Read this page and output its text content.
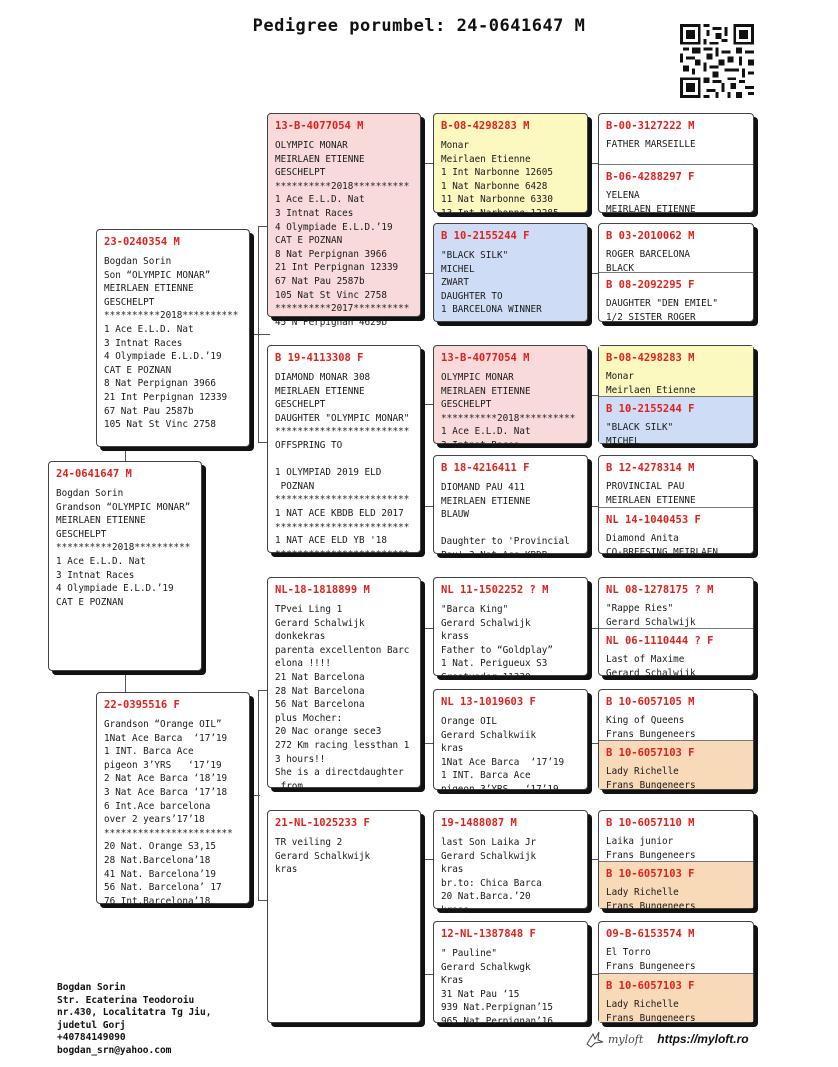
Pedigree porumbel: 24-0641647 M
24-0641647 M
Bogdan Sorin
Grandson “OLYMPIC MONAR”
MEIRLAEN ETIENNE
GESCHELPT
**********2018**********
1 Ace E.L.D. Nat
3 Intnat Races
4 Olympiade E.L.D.’19
CAT E POZNAN
23-0240354 M
Bogdan Sorin
Son “OLYMPIC MONAR”
MEIRLAEN ETIENNE
GESCHELPT
**********2018**********
1 Ace E.L.D. Nat
3 Intnat Races
4 Olympiade E.L.D.’19
CAT E POZNAN
8 Nat Perpignan 3966
21 Int Perpignan 12339
67 Nat Pau 2587b
105 Nat St Vinc 2758
22-0395516 F
Grandson “Orange OIL”
1Nat Ace Barca  ‘17’19
1 INT. Barca Ace
pigeon 3’YRS   ‘17’19
2 Nat Ace Barca ‘18’19
3 Nat Ace Barca ‘17’18
6 Int.Ace barcelona
over 2 years’17’18
***********************
20 Nat. Orange S3,15
28 Nat.Barcelona’18
41 Nat. Barcelona’19
56 Nat. Barcelona’ 17
76 Int.Barcelona’18
13-B-4077054 M
OLYMPIC MONAR
MEIRLAEN ETIENNE
GESCHELPT
**********2018**********
1 Ace E.L.D. Nat
3 Intnat Races
4 Olympiade E.L.D.’19
CAT E POZNAN
8 Nat Perpignan 3966
21 Int Perpignan 12339
67 Nat Pau 2587b
105 Nat St Vinc 2758
**********2017**********
45 N Perpignan 4629b
B 19-4113308 F
DIAMOND MONAR 308
MEIRLAEN ETIENNE
GESCHELPT
DAUGHTER "OLYMPIC MONAR"
************************
OFFSPRING TO

1 OLYMPIAD 2019 ELD
POZNAN
************************
1 NAT ACE KBDB ELD 2017
************************
1 NAT ACE ELD YB '18
************************
NL-18-1818899 M
TPvei Ling 1
Gerard Schalwijk
donkekras
parenta excellenton Barc
elona !!!!
21 Nat Barcelona
28 Nat Barcelona
56 Nat Barcelona
plus Mocher:
20 Nac orange sece3
272 Km racing lessthan 1
3 hours!!
She is a directdaughter
from
21-NL-1025233 F
TR veiling 2
Gerard Schalkwijk
kras
B-08-4298283 M
Monar
Meirlaen Etienne
1 Int Narbonne 12605
1 Nat Narbonne 6428
11 Nat Narbonne 6330
13 Int Narbonne 12285
B 10-2155244 F
"BLACK SILK"
MICHEL
ZWART
DAUGHTER TO
1 BARCELONA WINNER
13-B-4077054 M
OLYMPIC MONAR
MEIRLAEN ETIENNE
GESCHELPT
**********2018**********
1 Ace E.L.D. Nat
3 Intnat Races
B 18-4216411 F
DIOMAND PAU 411
MEIRLAEN ETIENNE
BLAUW

Daughter to 'Provincial
Pau' 3 Nat Ace KBDB
NL 11-1502252 ? M
"Barca King"
Gerard Schalwijk
krass
Father to “Goldplay”
1 Nat. Perigueux S3
Grootvader 11330
NL 13-1019603 F
Orange OIL
Gerard Schalkwiik
kras
1Nat Ace Barca  ‘17’19
1 INT. Barca Ace
pigeon 3’YRS   ‘17’19
19-1488087 M
last Son Laika Jr
Gerard Schalkwijk
kras
br.to: Chica Barca
20 Nat.Barca.’20
krass
12-NL-1387848 F
" Pauline"
Gerard Schalkwgk
Kras
31 Nat Pau ‘15
939 Nat.Perpignan’15
965 Nat.Perpignan’16
B-00-3127222 M
FATHER MARSEILLE
B-06-4288297 F
YELENA
MEIRLAEN ETIENNE
B 03-2010062 M
ROGER BARCELONA
BLACK
B 08-2092295 F
DAUGHTER "DEN EMIEL"
1/2 SISTER ROGER
B-08-4298283 M
Monar
Meirlaen Etienne
B 10-2155244 F
"BLACK SILK"
MICHEL
B 12-4278314 M
PROVINCIAL PAU
MEIRLAEN ETIENNE
NL 14-1040453 F
Diamond Anita
CO-BREESING MEIRLAEN
NL 08-1278175 ? M
"Rappe Ries"
Gerard Schalwijk
NL 06-1110444 ? F
Last of Maxime
Gerard Schalwijk
B 10-6057105 M
King of Queens
Frans Bungeneers
B 10-6057103 F
Lady Richelle
Frans Bungeneers
B 10-6057110 M
Laika junior
Frans Bungeneers
B 10-6057103 F
Lady Richelle
Frans Bungeneers
09-B-6153574 M
El Torro
Frans Bungeneers
B 10-6057103 F
Lady Richelle
Frans Bungeneers
Bogdan Sorin
Str. Ecaterina Teodoroiu
nr.430, Localitatra Tg Jiu,
judetul Gorj
+40784149090
bogdan_srn@yahoo.com
myloft https://myloft.ro
